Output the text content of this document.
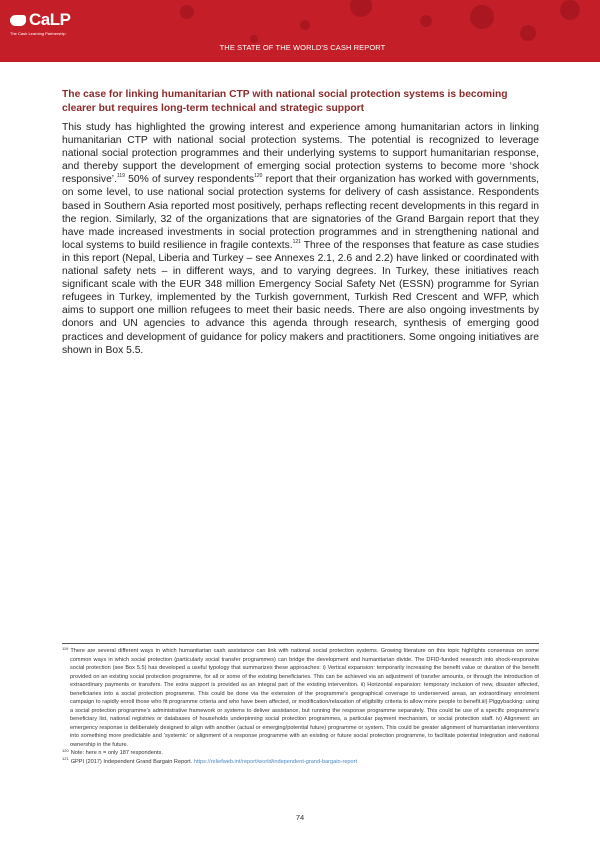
CaLP
The Cash Learning Partnership
THE STATE OF THE WORLD'S CASH REPORT
The case for linking humanitarian CTP with national social protection systems is becoming clearer but requires long-term technical and strategic support

This study has highlighted the growing interest and experience among humanitarian actors in linking humanitarian CTP with national social protection systems. The potential is recognized to leverage national social protection programmes and their underlying systems to support humanitarian response, and thereby support the development of emerging social protection systems to become more ‘shock responsive’.$^{119}$ 50% of survey respondents$^{120}$ report that their organization has worked with governments, on some level, to use national social protection systems for delivery of cash assistance. Respondents based in Southern Asia reported most positively, perhaps reflecting recent developments in this regard in the region. Similarly, 32 of the organizations that are signatories of the Grand Bargain report that they have made increased investments in social protection programmes and in strengthening national and local systems to build resilience in fragile contexts.$^{121}$ Three of the responses that feature as case studies in this report (Nepal, Liberia and Turkey – see Annexes 2.1, 2.6 and 2.2) have linked or coordinated with national safety nets – in different ways, and to varying degrees. In Turkey, these initiatives reach significant scale with the EUR 348 million Emergency Social Safety Net (ESSN) programme for Syrian refugees in Turkey, implemented by the Turkish government, Turkish Red Crescent and WFP, which aims to support one million refugees to meet their basic needs. There are also ongoing investments by donors and UN agencies to advance this agenda through research, synthesis of emerging good practices and development of guidance for policy makers and practitioners. Some ongoing initiatives are shown in Box 5.5.

$^{119}$ There are several different ways in which humanitarian cash assistance can link with national social protection systems. Growing literature on this topic highlights consensus on some common ways in which social protection (particularly social transfer programmes) can bridge the development and humanitarian divide. The DFID-funded research into shock-responsive social protection (see Box 5.5) has developed a useful typology that summarizes these approaches: i) Vertical expansion: temporarily increasing the benefit value or duration of the benefit provided on an existing social protection programme, for all or some of the existing beneficiaries. This can be achieved via an adjustment of transfer amounts, or through the introduction of extraordinary payments or transfers. The extra support is provided as an integral part of the existing intervention. ii) Horizontal expansion: temporary inclusion of new, disaster affected, beneficiaries into a social protection programme. This could be done via the extension of the programme’s geographical coverage to underserved areas, an extraordinary enrolment campaign to rapidly enroll those who fit programme criteria and who have been affected, or modification/relaxation of eligibility criteria to allow more people to benefit.iii) Piggybacking: using a social protection programme’s administrative framework or systems to deliver assistance, but running the response programme separately. This could be use of a specific programme’s beneficiary list, national registries or databases of households underpinning social protection programmes, a particular payment mechanism, or social protection staff. iv) Alignment: an emergency response is deliberately designed to align with another (actual or emerging/potential future) programme or system. This could be greater alignment of humanitarian interventions into something more predictable and ‘systemic’ or alignment of a response programme with an existing or future social protection programme, to facilitate potential integration and national ownership in the future.
$^{120}$ Note: here n = only 187 respondents.
$^{121}$ GPPI (2017) Independent Grand Bargain Report. https://reliefweb.int/report/world/independent-grand-bargain-report
74
